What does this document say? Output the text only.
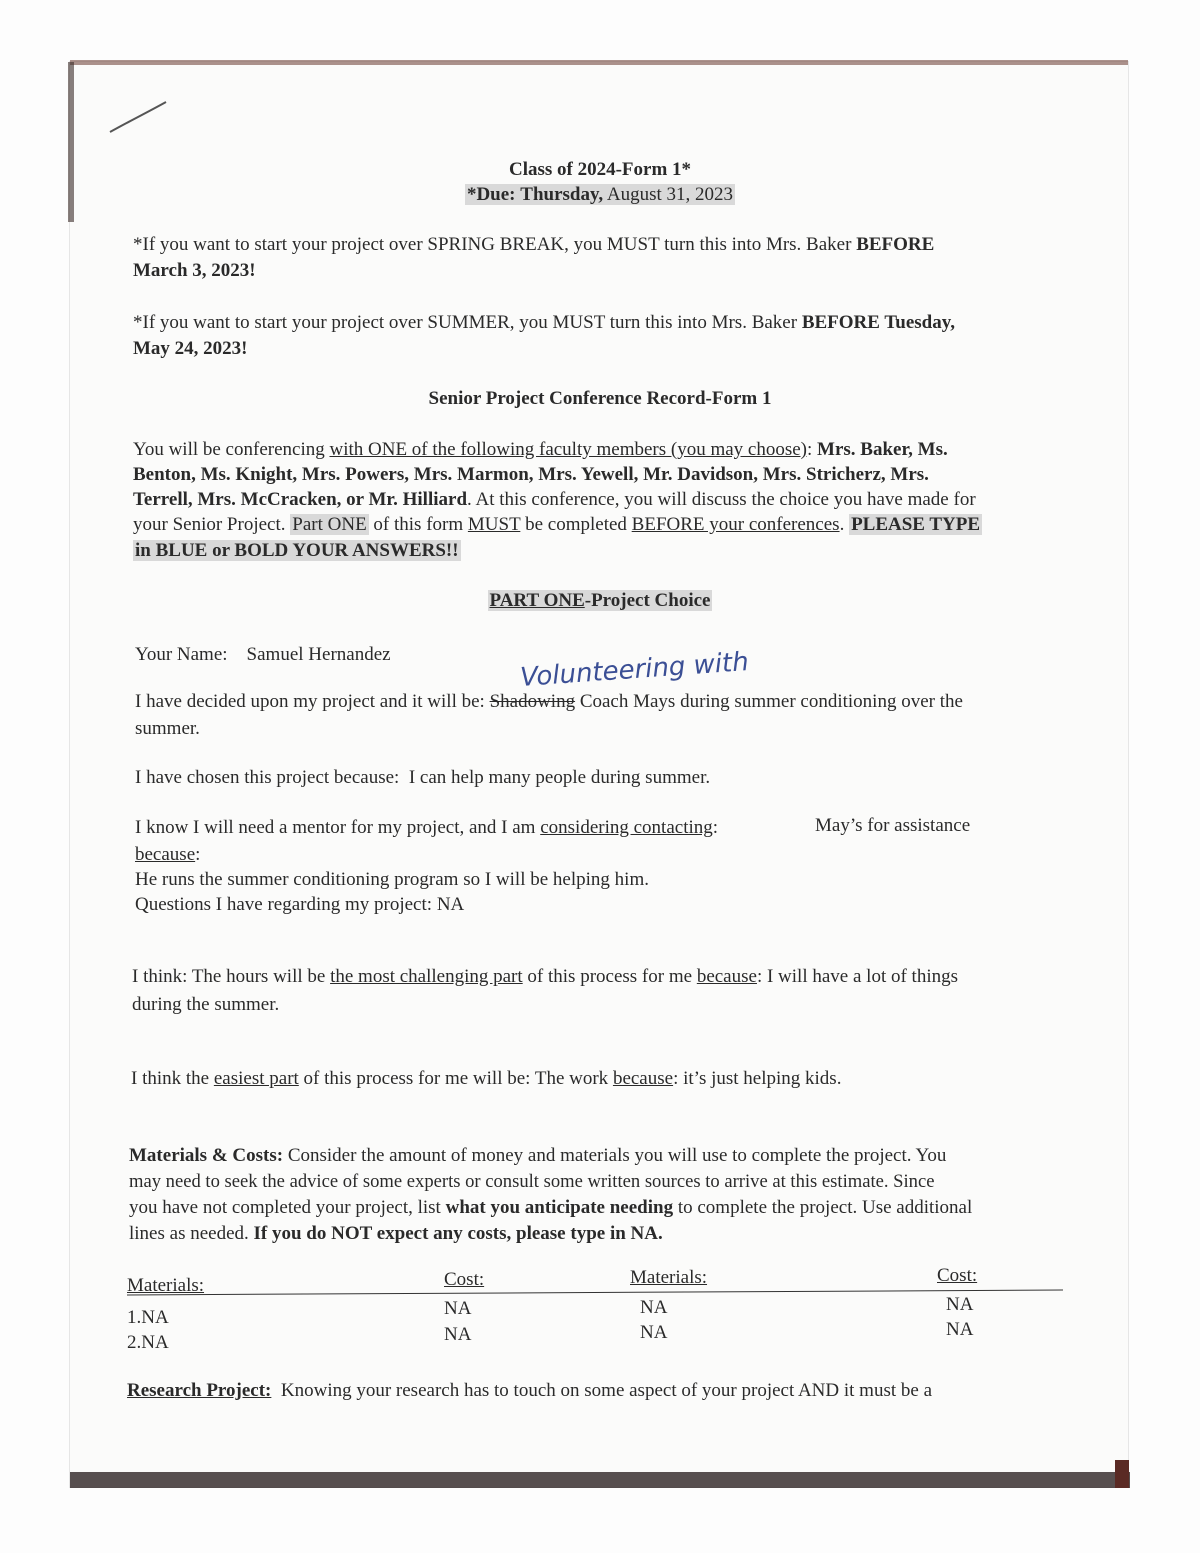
Class of 2024-Form 1*
*Due: Thursday, August 31, 2023
*If you want to start your project over SPRING BREAK, you MUST turn this into Mrs. Baker BEFORE
March 3, 2023!
*If you want to start your project over SUMMER, you MUST turn this into Mrs. Baker BEFORE Tuesday,
May 24, 2023!
Senior Project Conference Record-Form 1
You will be conferencing with ONE of the following faculty members (you may choose): Mrs. Baker, Ms.
Benton, Ms. Knight, Mrs. Powers, Mrs. Marmon, Mrs. Yewell, Mr. Davidson, Mrs. Stricherz, Mrs.
Terrell, Mrs. McCracken, or Mr. Hilliard. At this conference, you will discuss the choice you have made for
your Senior Project. Part ONE of this form MUST be completed BEFORE your conferences. PLEASE TYPE
in BLUE or BOLD YOUR ANSWERS!!
PART ONE-Project Choice
Your Name: Samuel Hernandez	Volunteering with
I have decided upon my project and it will be: Shadowing Coach Mays during summer conditioning over the
summer.
I have chosen this project because: I can help many people during summer.
I know I will need a mentor for my project, and I am considering contacting:	May’s for assistance
because:
He runs the summer conditioning program so I will be helping him.
Questions I have regarding my project: NA
I think: The hours will be the most challenging part of this process for me because: I will have a lot of things
during the summer.
I think the easiest part of this process for me will be: The work because: it’s just helping kids.
Materials & Costs: Consider the amount of money and materials you will use to complete the project. You
may need to seek the advice of some experts or consult some written sources to arrive at this estimate. Since
you have not completed your project, list what you anticipate needing to complete the project. Use additional
lines as needed. If you do NOT expect any costs, please type in NA.
Materials:	Cost:	Materials:	Cost:
1.NA	NA	NA	NA
2.NA	NA	NA	NA
Research Project: Knowing your research has to touch on some aspect of your project AND it must be a
